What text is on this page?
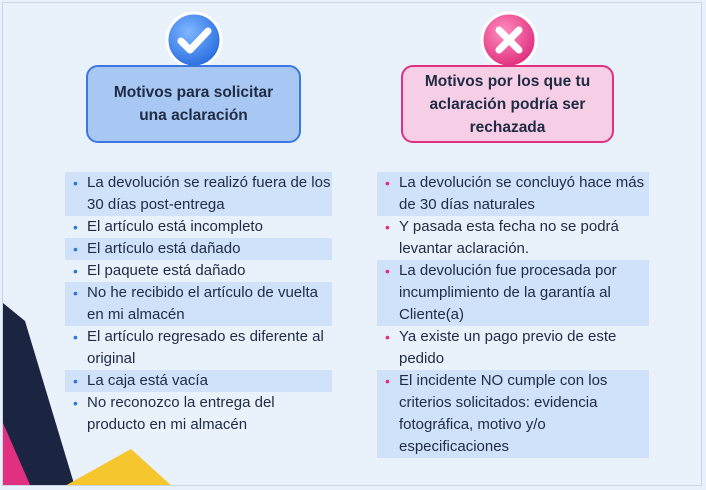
Motivos para solicitar una aclaración
Motivos por los que tu aclaración podría ser rechazada
• La devolución se realizó fuera de los 30 días post-entrega
• El artículo está incompleto
• El artículo está dañado
• El paquete está dañado
• No he recibido el artículo de vuelta en mi almacén
• El artículo regresado es diferente al original
• La caja está vacía
• No reconozco la entrega del producto en mi almacén
• La devolución se concluyó hace más de 30 días naturales
• Y pasada esta fecha no se podrá levantar aclaración.
• La devolución fue procesada por incumplimiento de la garantía al Cliente(a)
• Ya existe un pago previo de este pedido
• El incidente NO cumple con los criterios solicitados: evidencia fotográfica, motivo y/o especificaciones
